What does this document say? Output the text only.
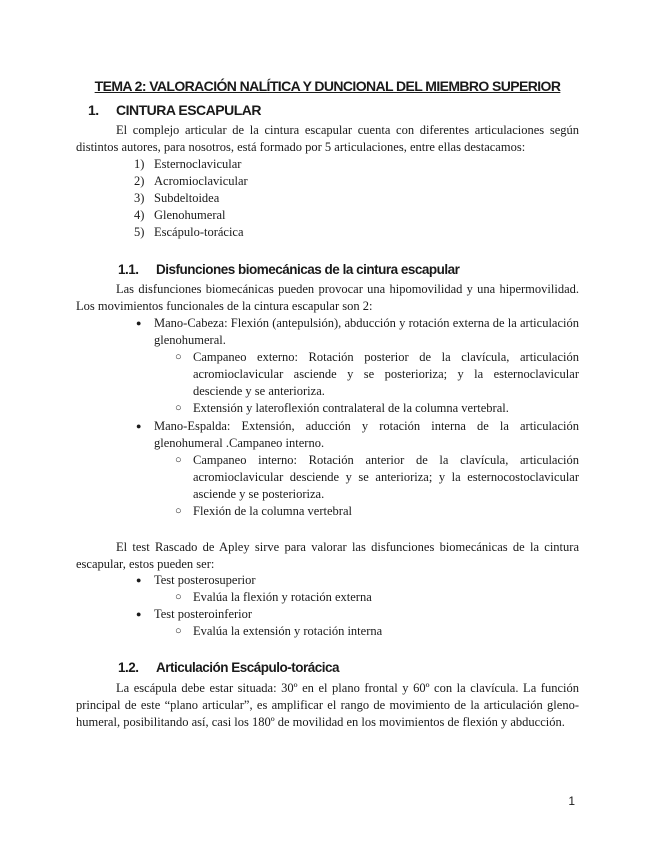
TEMA 2: VALORACIÓN NALÍTICA Y DUNCIONAL DEL MIEMBRO SUPERIOR
1. CINTURA ESCAPULAR
El complejo articular de la cintura escapular cuenta con diferentes articulaciones según distintos autores, para nosotros, está formado por 5 articulaciones, entre ellas destacamos:
1) Esternoclavicular
2) Acromioclavicular
3) Subdeltoidea
4) Glenohumeral
5) Escápulo-torácica
1.1. Disfunciones biomecánicas de la cintura escapular
Las disfunciones biomecánicas pueden provocar una hipomovilidad y una hipermovilidad. Los movimientos funcionales de la cintura escapular son 2:
● Mano-Cabeza: Flexión (antepulsión), abducción y rotación externa de la articulación glenohumeral.
○ Campaneo externo: Rotación posterior de la clavícula, articulación acromioclavicular asciende y se posterioriza; y la esternoclavicular desciende y se anterioriza.
○ Extensión y lateroflexión contralateral de la columna vertebral.
● Mano-Espalda: Extensión, aducción y rotación interna de la articulación glenohumeral .Campaneo interno.
○ Campaneo interno: Rotación anterior de la clavícula, articulación acromioclavicular desciende y se anterioriza; y la esternocostoclavicular asciende y se posterioriza.
○ Flexión de la columna vertebral
El test Rascado de Apley sirve para valorar las disfunciones biomecánicas de la cintura escapular, estos pueden ser:
● Test posterosuperior
○ Evalúa la flexión y rotación externa
● Test posteroinferior
○ Evalúa la extensión y rotación interna
1.2. Articulación Escápulo-torácica
La escápula debe estar situada: 30º en el plano frontal y 60º con la clavícula. La función principal de este “plano articular”, es amplificar el rango de movimiento de la articulación gleno-humeral, posibilitando así, casi los 180º de movilidad en los movimientos de flexión y abducción.
1
